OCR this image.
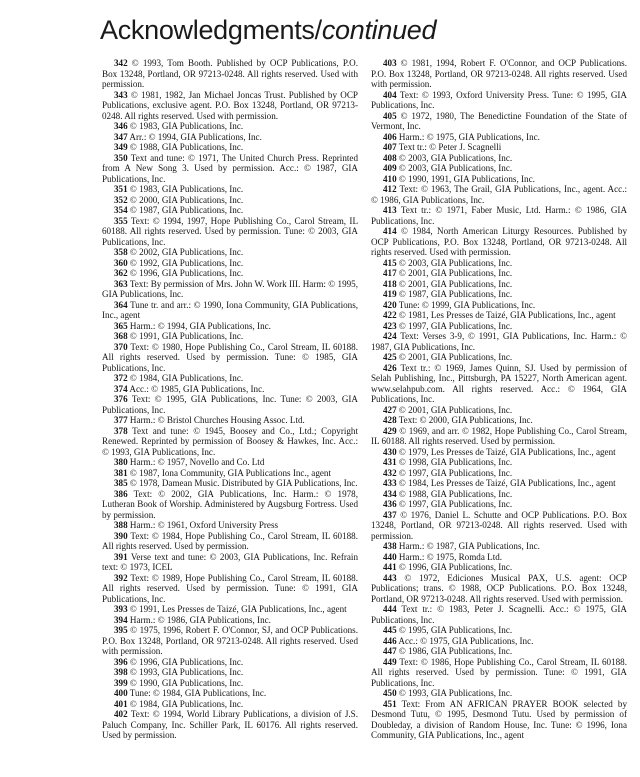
Acknowledgments/continued

342 © 1993, Tom Booth. Published by OCP Publications, P.O. Box 13248, Portland, OR 97213-0248. All rights reserved. Used with permission.

343 © 1981, 1982, Jan Michael Joncas Trust. Published by OCP Publications, exclusive agent. P.O. Box 13248, Portland, OR 97213-0248. All rights reserved. Used with permission.

346 © 1983, GIA Publications, Inc.

347 Arr.: © 1994, GIA Publications, Inc.

349 © 1988, GIA Publications, Inc.

350 Text and tune: © 1971, The United Church Press. Reprinted from A New Song 3. Used by permission. Acc.: © 1987, GIA Publications, Inc.

351 © 1983, GIA Publications, Inc.

352 © 2000, GIA Publications, Inc.

354 © 1987, GIA Publications, Inc.

355 Text: © 1994, 1997, Hope Publishing Co., Carol Stream, IL 60188. All rights reserved. Used by permission. Tune: © 2003, GIA Publications, Inc.

358 © 2002, GIA Publications, Inc.

360 © 1992, GIA Publications, Inc.

362 © 1996, GIA Publications, Inc.

363 Text: By permission of Mrs. John W. Work III. Harm: © 1995, GIA Publications, Inc.

364 Tune tr. and arr.: © 1990, Iona Community, GIA Publications, Inc., agent

365 Harm.: © 1994, GIA Publications, Inc.

368 © 1991, GIA Publications, Inc.

370 Text: © 1980, Hope Publishing Co., Carol Stream, IL 60188. All rights reserved. Used by permission. Tune: © 1985, GIA Publications, Inc.

372 © 1984, GIA Publications, Inc.

374 Acc.: © 1985, GIA Publications, Inc.

376 Text: © 1995, GIA Publications, Inc. Tune: © 2003, GIA Publications, Inc.

377 Harm.: © Bristol Churches Housing Assoc. Ltd.

378 Text and tune: © 1945, Boosey and Co., Ltd.; Copyright Renewed. Reprinted by permission of Boosey & Hawkes, Inc. Acc.: © 1993, GIA Publications, Inc.

380 Harm.: © 1957, Novello and Co. Ltd

381 © 1987, Iona Community, GIA Publications Inc., agent

385 © 1978, Damean Music. Distributed by GIA Publications, Inc.

386 Text: © 2002, GIA Publications, Inc. Harm.: © 1978, Lutheran Book of Worship. Administered by Augsburg Fortress. Used by permission.

388 Harm.: © 1961, Oxford University Press

390 Text: © 1984, Hope Publishing Co., Carol Stream, IL 60188. All rights reserved. Used by permission.

391 Verse text and tune: © 2003, GIA Publications, Inc. Refrain text: © 1973, ICEL

392 Text: © 1989, Hope Publishing Co., Carol Stream, IL 60188. All rights reserved. Used by permission. Tune: © 1991, GIA Publications, Inc.

393 © 1991, Les Presses de Taizé, GIA Publications, Inc., agent

394 Harm.: © 1986, GIA Publications, Inc.

395 © 1975, 1996, Robert F. O'Connor, SJ, and OCP Publications. P.O. Box 13248, Portland, OR 97213-0248. All rights reserved. Used with permission.

396 © 1996, GIA Publications, Inc.

398 © 1993, GIA Publications, Inc.

399 © 1990, GIA Publications, Inc.

400 Tune: © 1984, GIA Publications, Inc.

401 © 1984, GIA Publications, Inc.

402 Text: © 1994, World Library Publications, a division of J.S. Paluch Company, Inc. Schiller Park, IL 60176. All rights reserved. Used by permission.

403 © 1981, 1994, Robert F. O'Connor, and OCP Publications. P.O. Box 13248, Portland, OR 97213-0248. All rights reserved. Used with permission.

404 Text: © 1993, Oxford University Press. Tune: © 1995, GIA Publications, Inc.

405 © 1972, 1980, The Benedictine Foundation of the State of Vermont, Inc.

406 Harm.: © 1975, GIA Publications, Inc.

407 Text tr.: © Peter J. Scagnelli

408 © 2003, GIA Publications, Inc.

409 © 2003, GIA Publications, Inc.

410 © 1990, 1991, GIA Publications, Inc.

412 Text: © 1963, The Grail, GIA Publications, Inc., agent. Acc.: © 1986, GIA Publications, Inc.

413 Text tr.: © 1971, Faber Music, Ltd. Harm.: © 1986, GIA Publications, Inc.

414 © 1984, North American Liturgy Resources. Published by OCP Publications, P.O. Box 13248, Portland, OR 97213-0248. All rights reserved. Used with permission.

415 © 2003, GIA Publications, Inc.

417 © 2001, GIA Publications, Inc.

418 © 2001, GIA Publications, Inc.

419 © 1987, GIA Publications, Inc.

420 Tune: © 1999, GIA Publications, Inc.

422 © 1981, Les Presses de Taizé, GIA Publications, Inc., agent

423 © 1997, GIA Publications, Inc.

424 Text: Verses 3-9, © 1991, GIA Publications, Inc. Harm.: © 1987, GIA Publications, Inc.

425 © 2001, GIA Publications, Inc.

426 Text tr.: © 1969, James Quinn, SJ. Used by permission of Selah Publishing, Inc., Pittsburgh, PA 15227, North American agent. www.selahpub.com. All rights reserved. Acc.: © 1964, GIA Publications, Inc.

427 © 2001, GIA Publications, Inc.

428 Text: © 2000, GIA Publications, Inc.

429 © 1969, and arr. © 1982, Hope Publishing Co., Carol Stream, IL 60188. All rights reserved. Used by permission.

430 © 1979, Les Presses de Taizé, GIA Publications, Inc., agent

431 © 1998, GIA Publications, Inc.

432 © 1997, GIA Publications, Inc.

433 © 1984, Les Presses de Taizé, GIA Publications, Inc., agent

434 © 1988, GIA Publications, Inc.

436 © 1997, GIA Publications, Inc.

437 © 1976, Daniel L. Schutte and OCP Publications. P.O. Box 13248, Portland, OR 97213-0248. All rights reserved. Used with permission.

438 Harm.: © 1987, GIA Publications, Inc.

440 Harm.: © 1975, Romda Ltd.

441 © 1996, GIA Publications, Inc.

443 © 1972, Ediciones Musical PAX, U.S. agent: OCP Publications; trans. © 1988, OCP Publications. P.O. Box 13248, Portland, OR 97213-0248. All rights reserved. Used with permission.

444 Text tr.: © 1983, Peter J. Scagnelli. Acc.: © 1975, GIA Publications, Inc.

445 © 1995, GIA Publications, Inc.

446 Acc.: © 1975, GIA Publications, Inc.

447 © 1986, GIA Publications, Inc.

449 Text: © 1986, Hope Publishing Co., Carol Stream, IL 60188. All rights reserved. Used by permission. Tune: © 1991, GIA Publications, Inc.

450 © 1993, GIA Publications, Inc.

451 Text: From AN AFRICAN PRAYER BOOK selected by Desmond Tutu, © 1995, Desmond Tutu. Used by permission of Doubleday, a division of Random House, Inc. Tune: © 1996, Iona Community, GIA Publications, Inc., agent
